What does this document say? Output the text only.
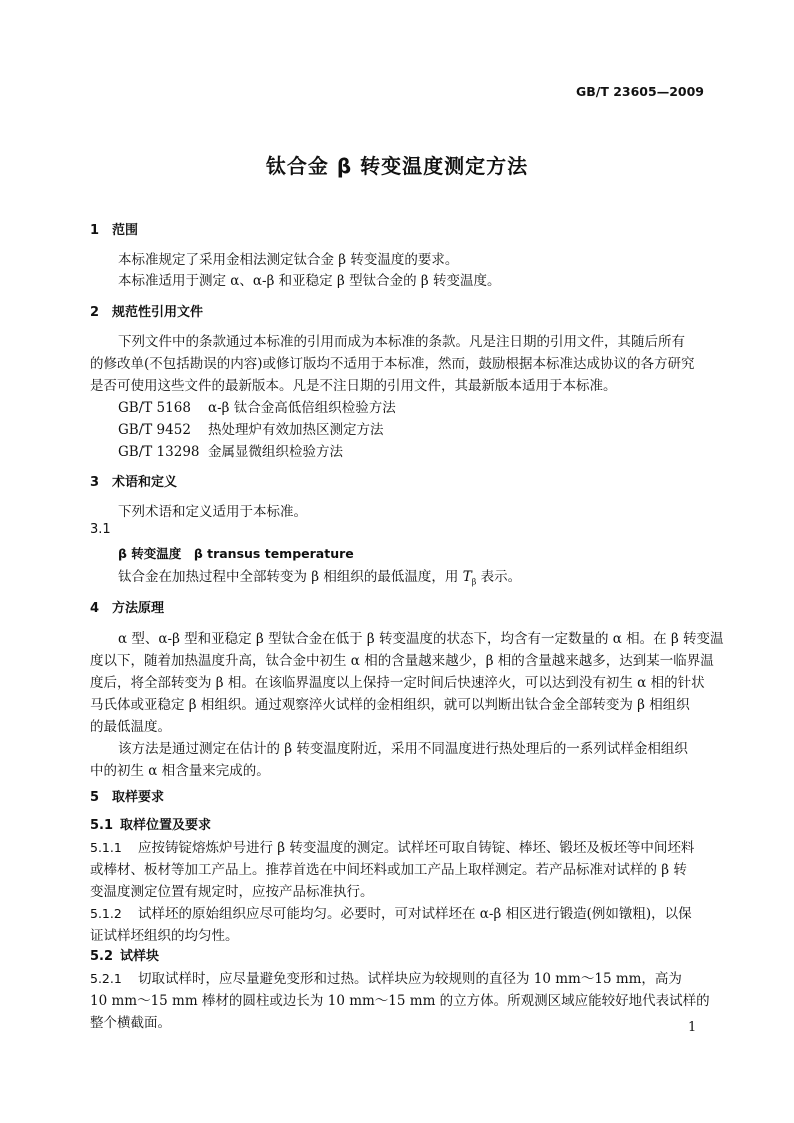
GB/T 23605—2009
钛合金 β 转变温度测定方法
1 范围
本标准规定了采用金相法测定钛合金 β 转变温度的要求。
本标准适用于测定 α、α-β 和亚稳定 β 型钛合金的 β 转变温度。
2 规范性引用文件
下列文件中的条款通过本标准的引用而成为本标准的条款。凡是注日期的引用文件，其随后所有
的修改单(不包括勘误的内容)或修订版均不适用于本标准，然而，鼓励根据本标准达成协议的各方研究
是否可使用这些文件的最新版本。凡是不注日期的引用文件，其最新版本适用于本标准。
GB/T 5168 α-β 钛合金高低倍组织检验方法
GB/T 9452 热处理炉有效加热区测定方法
GB/T 13298 金属显微组织检验方法
3 术语和定义
下列术语和定义适用于本标准。
3.1
β 转变温度  β transus temperature
钛合金在加热过程中全部转变为 β 相组织的最低温度，用 $T_\beta$ 表示。
4 方法原理
α 型、α-β 型和亚稳定 β 型钛合金在低于 β 转变温度的状态下，均含有一定数量的 α 相。在 β 转变温
度以下，随着加热温度升高，钛合金中初生 α 相的含量越来越少，β 相的含量越来越多，达到某一临界温
度后，将全部转变为 β 相。在该临界温度以上保持一定时间后快速淬火，可以达到没有初生 α 相的针状
马氏体或亚稳定 β 相组织。通过观察淬火试样的金相组织，就可以判断出钛合金全部转变为 β 相组织
的最低温度。
该方法是通过测定在估计的 β 转变温度附近，采用不同温度进行热处理后的一系列试样金相组织
中的初生 α 相含量来完成的。
5 取样要求
5.1 取样位置及要求
5.1.1 应按铸锭熔炼炉号进行 β 转变温度的测定。试样坯可取自铸锭、棒坯、锻坯及板坯等中间坯料
或棒材、板材等加工产品上。推荐首选在中间坯料或加工产品上取样测定。若产品标准对试样的 β 转
变温度测定位置有规定时，应按产品标准执行。
5.1.2 试样坯的原始组织应尽可能均匀。必要时，可对试样坯在 α-β 相区进行锻造(例如镦粗)，以保
证试样坯组织的均匀性。
5.2 试样块
5.2.1 切取试样时，应尽量避免变形和过热。试样块应为较规则的直径为 10 mm～15 mm，高为
10 mm～15 mm 棒材的圆柱或边长为 10 mm～15 mm 的立方体。所观测区域应能较好地代表试样的
整个横截面。	1
